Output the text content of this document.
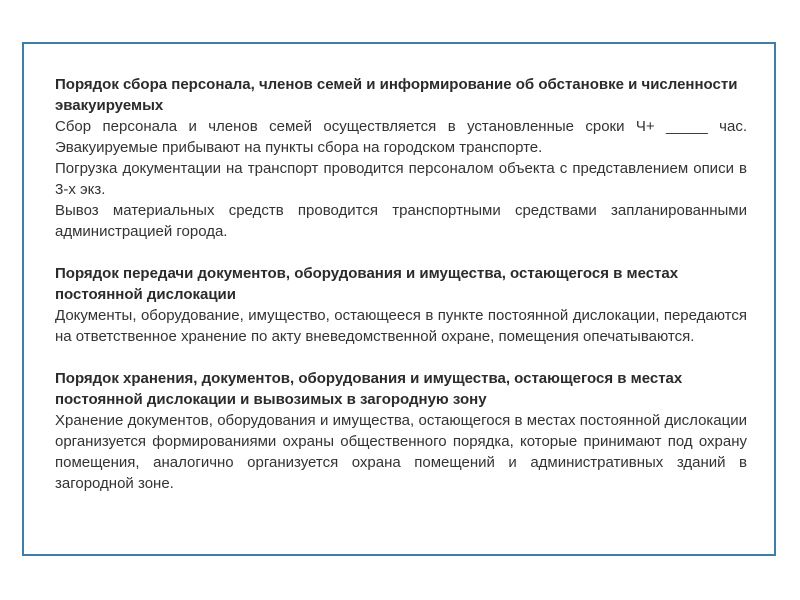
Порядок сбора персонала, членов семей и информирование об обстановке и численности эвакуируемых
Сбор персонала и членов семей осуществляется в установленные сроки Ч+ _____ час. Эвакуируемые прибывают на пункты сбора на городском транспорте.
Погрузка документации на транспорт проводится персоналом объекта с представлением описи в 3-х экз.
Вывоз материальных средств проводится транспортными средствами запланированными администрацией города.
Порядок передачи документов, оборудования и имущества, остающегося в местах постоянной дислокации
Документы, оборудование, имущество, остающееся в пункте постоянной дислокации, передаются на ответственное хранение по акту вневедомственной охране, помещения опечатываются.
Порядок хранения, документов, оборудования и имущества, остающегося в местах постоянной дислокации и вывозимых в загородную зону
Хранение документов, оборудования и имущества, остающегося в местах постоянной дислокации организуется формированиями охраны общественного порядка, которые принимают под охрану помещения, аналогично организуется охрана помещений и административных зданий в загородной зоне.
